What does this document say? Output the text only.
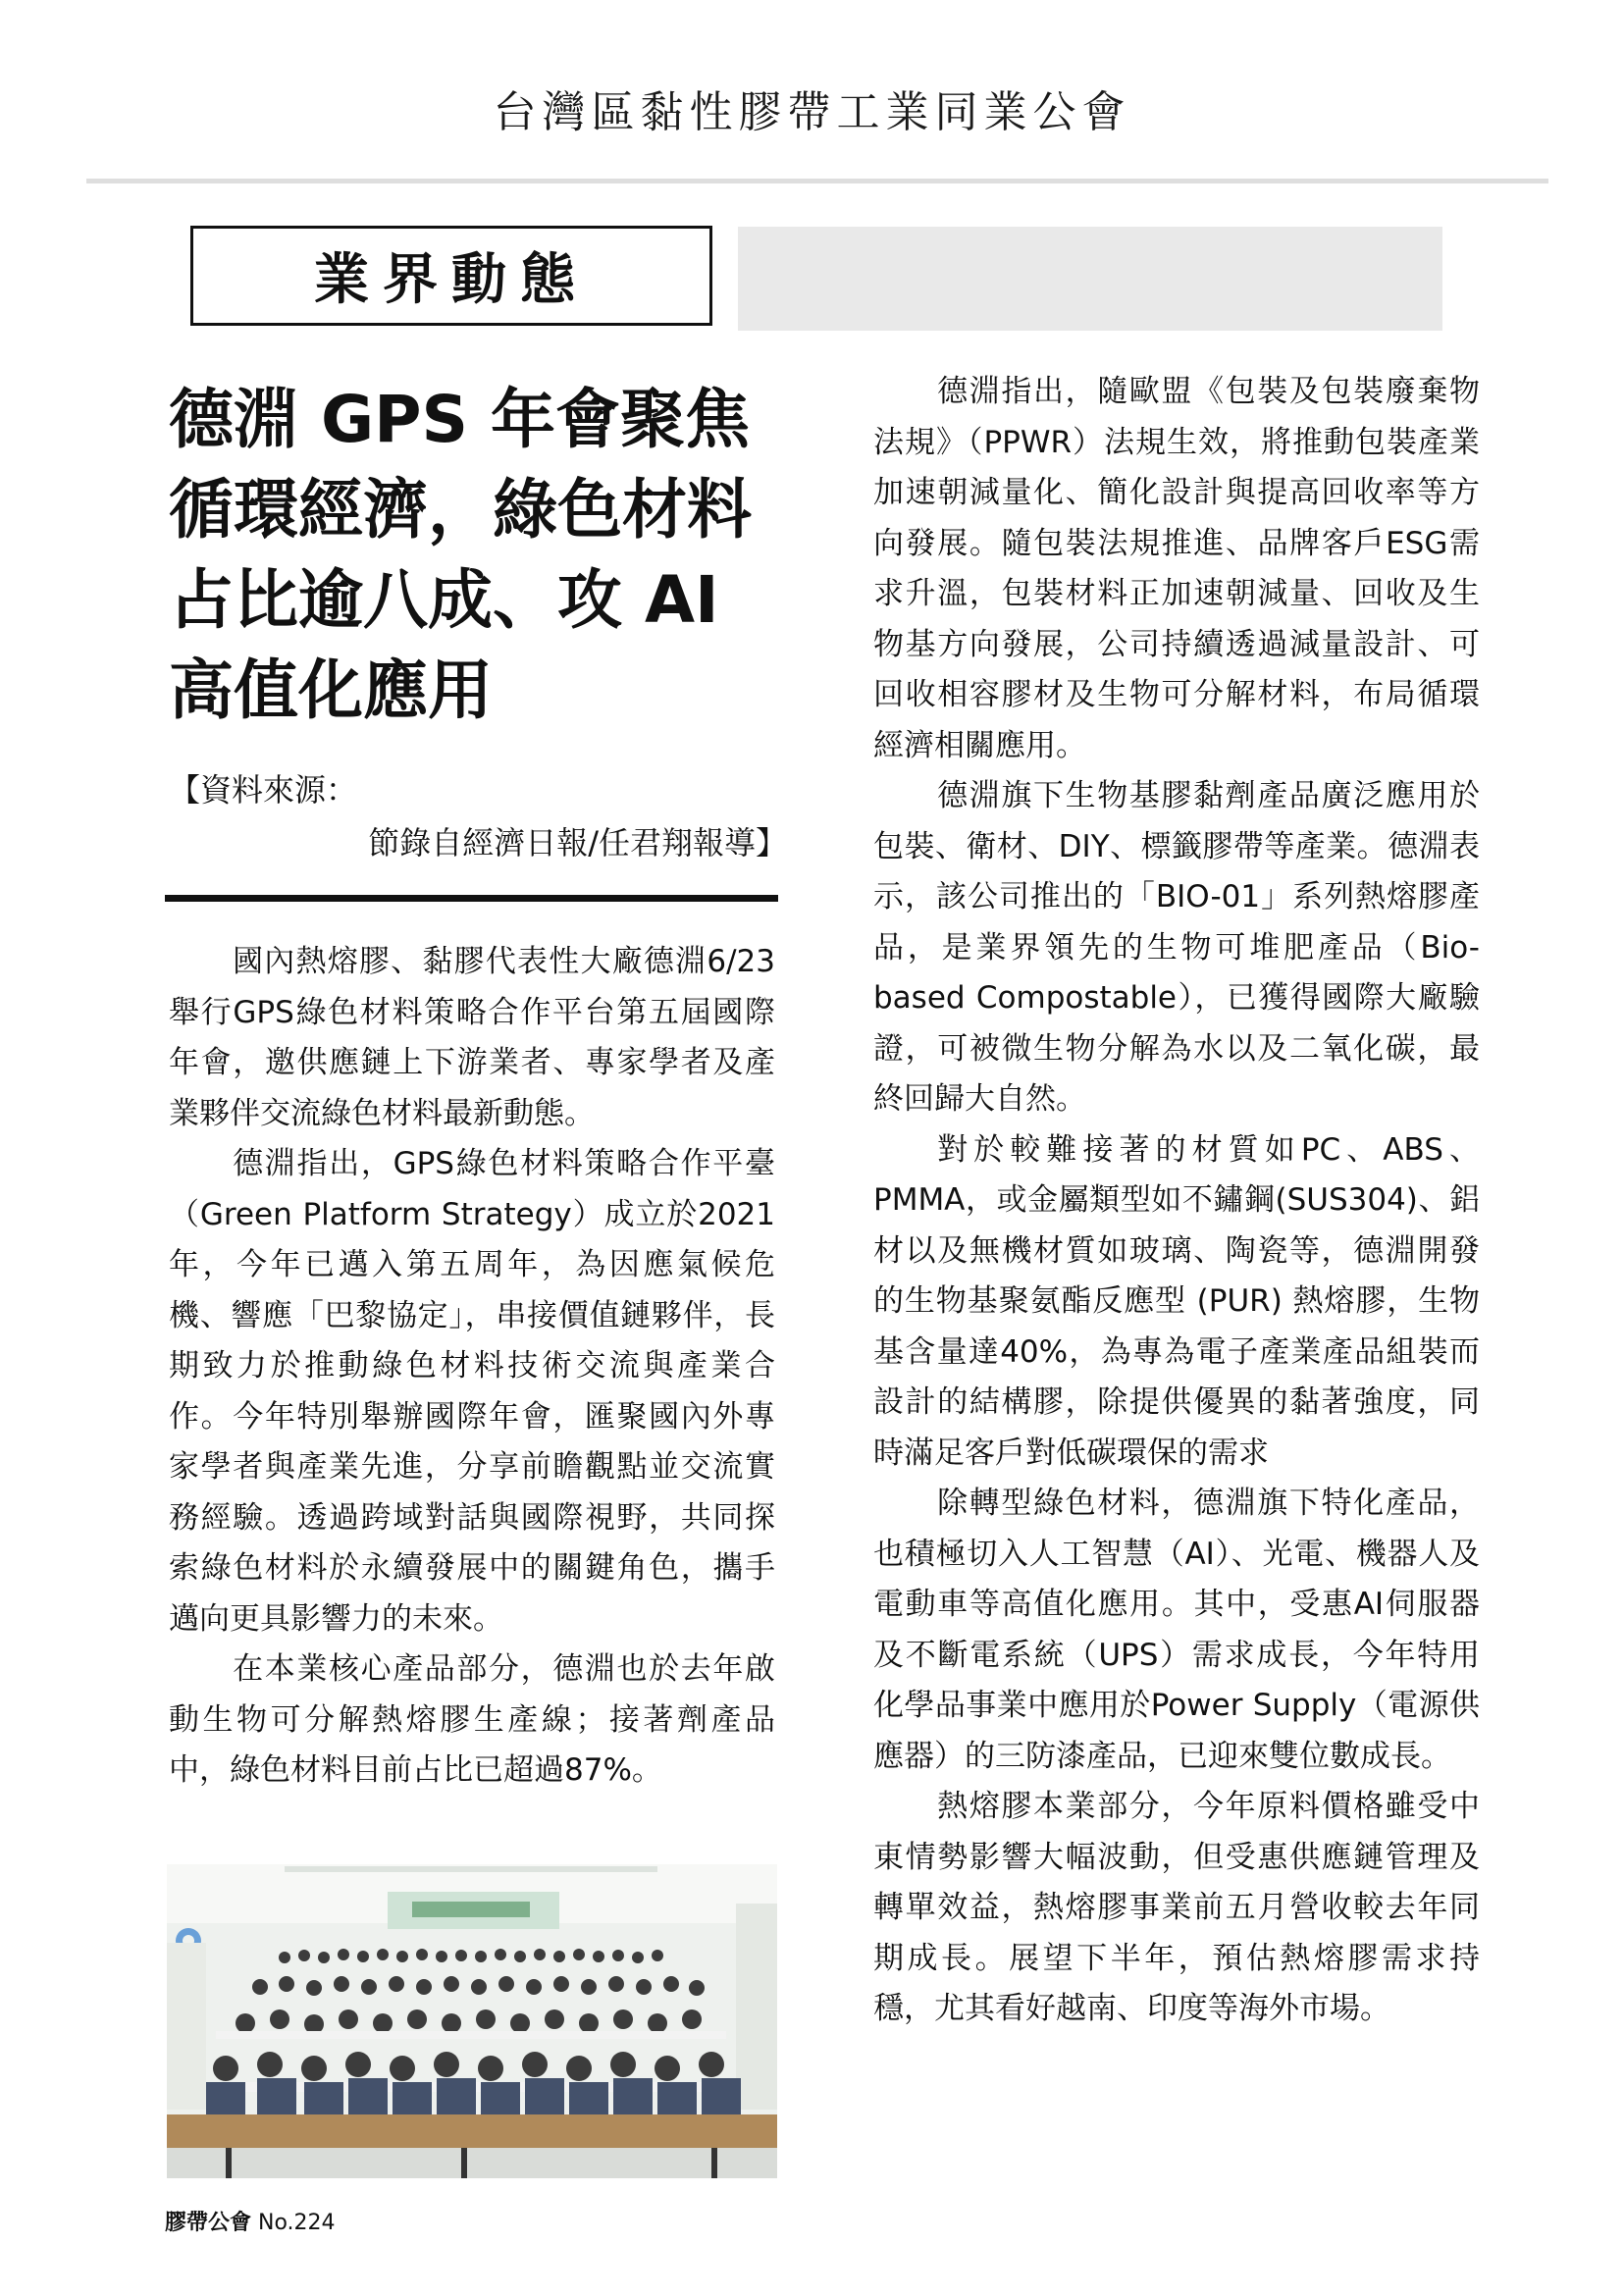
台灣區黏性膠帶工業同業公會
業界動態
德淵 GPS 年會聚焦
循環經濟，綠色材料
占比逾八成、攻 AI
高值化應用
【資料來源：
節錄自經濟日報/任君翔報導】

國內熱熔膠、黏膠代表性大廠德淵6/23舉行GPS綠色材料策略合作平台第五屆國際年會，邀供應鏈上下游業者、專家學者及產業夥伴交流綠色材料最新動態。

德淵指出，GPS綠色材料策略合作平臺（Green Platform Strategy）成立於2021年，今年已邁入第五周年，為因應氣候危機、響應「巴黎協定」，串接價值鏈夥伴，長期致力於推動綠色材料技術交流與產業合作。今年特別舉辦國際年會，匯聚國內外專家學者與產業先進，分享前瞻觀點並交流實務經驗。透過跨域對話與國際視野，共同探索綠色材料於永續發展中的關鍵角色，攜手邁向更具影響力的未來。

在本業核心產品部分，德淵也於去年啟動生物可分解熱熔膠生產線；接著劑產品中，綠色材料目前占比已超過87%。

德淵指出，隨歐盟《包裝及包裝廢棄物法規》（PPWR）法規生效，將推動包裝產業加速朝減量化、簡化設計與提高回收率等方向發展。隨包裝法規推進、品牌客戶ESG需求升溫，包裝材料正加速朝減量、回收及生物基方向發展，公司持續透過減量設計、可回收相容膠材及生物可分解材料，布局循環經濟相關應用。

德淵旗下生物基膠黏劑產品廣泛應用於包裝、衛材、DIY、標籤膠帶等產業。德淵表示，該公司推出的「BIO-01」系列熱熔膠產品，是業界領先的生物可堆肥產品（Bio-based Compostable），已獲得國際大廠驗證，可被微生物分解為水以及二氧化碳，最終回歸大自然。

對於較難接著的材質如PC、ABS、PMMA，或金屬類型如不鏽鋼(SUS304)、鋁材以及無機材質如玻璃、陶瓷等，德淵開發的生物基聚氨酯反應型 (PUR) 熱熔膠，生物基含量達40%，為專為電子產業產品組裝而設計的結構膠，除提供優異的黏著強度，同時滿足客戶對低碳環保的需求

除轉型綠色材料，德淵旗下特化產品，也積極切入人工智慧（AI）、光電、機器人及電動車等高值化應用。其中，受惠AI伺服器及不斷電系統（UPS）需求成長，今年特用化學品事業中應用於Power Supply（電源供應器）的三防漆產品，已迎來雙位數成長。

熱熔膠本業部分，今年原料價格雖受中東情勢影響大幅波動，但受惠供應鏈管理及轉單效益，熱熔膠事業前五月營收較去年同期成長。展望下半年，預估熱熔膠需求持穩，尤其看好越南、印度等海外市場。

膠帶公會 No.224
